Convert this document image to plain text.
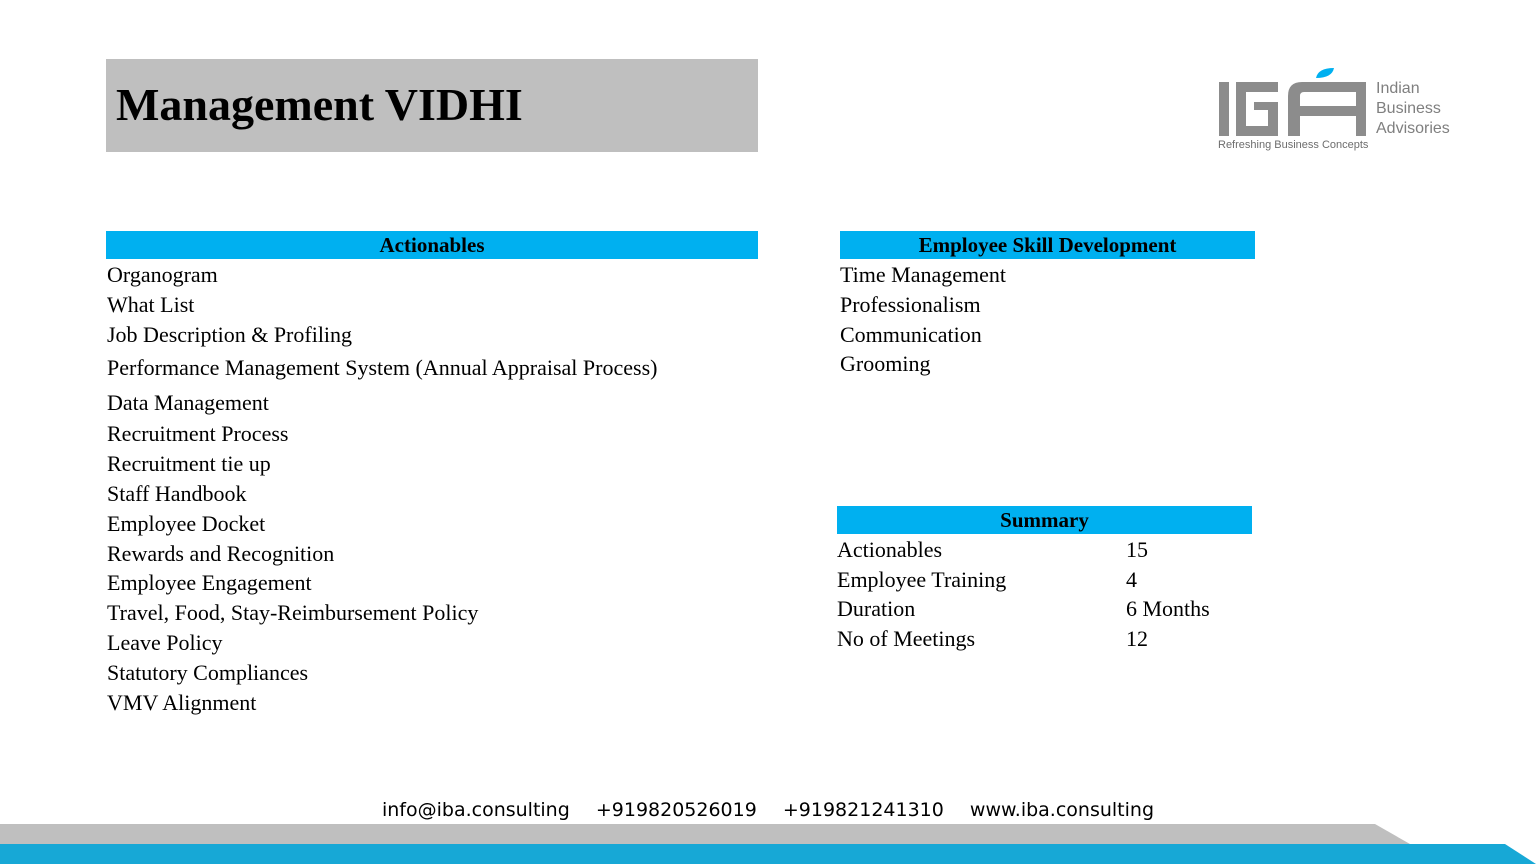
Management VIDHI	Indian
Business
Advisories
Refreshing Business Concepts
Actionables
Organogram
What List
Job Description & Profiling
Performance Management System (Annual Appraisal Process)
Data Management
Recruitment Process
Recruitment tie up
Staff Handbook
Employee Docket
Rewards and Recognition
Employee Engagement
Travel, Food, Stay-Reimbursement Policy
Leave Policy
Statutory Compliances
VMV Alignment
Employee Skill Development
Time Management
Professionalism
Communication
Grooming
Summary
Actionables	15
Employee Training	4
Duration	6 Months
No of Meetings	12
info@iba.consulting +919820526019 +919821241310 www.iba.consulting
